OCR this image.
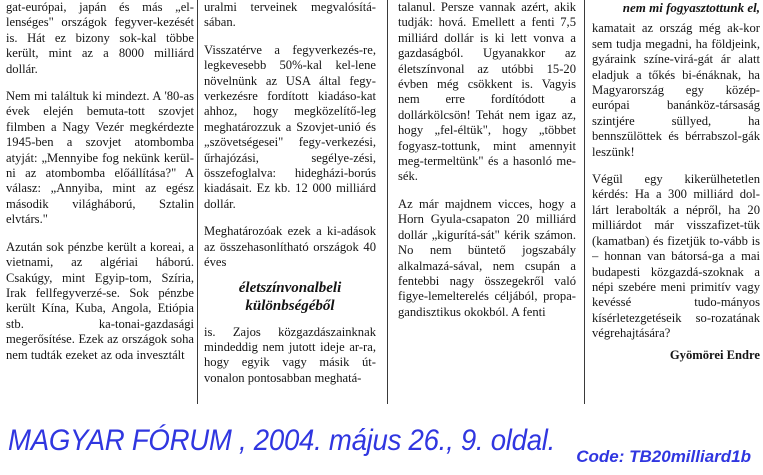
gat-európai, japán és más „el-lenséges" országok fegyver-kezését is. Hát ez bizony sok-kal többe került, mint az a 8000 milliárd dollár.

Nem mi találtuk ki mindezt. A '80-as évek elején bemuta-tott szovjet filmben a Nagy Vezér megkérdezte 1945-ben a szovjet atombomba atyját: „Mennyibe fog nekünk kerül-ni az atombomba előállítása?" A válasz: „Annyiba, mint az egész második világháború, Sztalin elvtárs."

Azután sok pénzbe került a koreai, a vietnami, az algériai háború. Csakúgy, mint Egyip-tom, Szíria, Irak fellfegyverzé-se. Sok pénzbe került Kína, Kuba, Angola, Etiópia stb. ka-tonai-gazdasági megerősítése. Ezek az országok soha nem tudták ezeket az oda invesztált

uralmi terveinek megvalósítá-sában.

Visszatérve a fegyverkezés-re, legkevesebb 50%-kal kel-lene növelnünk az USA által fegy-verkezésre fordított kiadáso-kat ahhoz, hogy megközelítő-leg meghatározzuk a Szovjet-unió és „szövetségesei" fegy-verkezési, űrhajózási, segélye-zési, összefoglalva: hidegházi-borús kiadásait. Ez kb. 12 000 milliárd dollár.

Meghatározóak ezek a ki-adások az összehasonlítható országok 40 éves

életszínvonalbeli különbségéből

is. Zajos közgazdászainknak mindeddig nem jutott ideje ar-ra, hogy egyik vagy másik út-vonalon pontosabban meghatá-

talanul. Persze vannak azért, akik tudják: hová. Emellett a fenti 7,5 milliárd dollár is ki lett vonva a gazdaságból. Ugyanakkor az életszínvonal az utóbbi 15-20 évben még csökkent is. Vagyis nem erre fordítódott a dollárkölcsön! Tehát nem igaz az, hogy „fel-éltük", hogy „többet fogyasz-tottunk, mint amennyit meg-termeltünk" és a hasonló me-sék.

Az már majdnem vicces, hogy a Horn Gyula-csapaton 20 milliárd dollár „kigurítá-sát" kérik számon. No nem büntető jogszabály alkalmazá-sával, nem csupán a fentebbi nagy összegekről való figye-lemelterelés céljából, propa-gandisztikus okokból. A fenti

nem mi fogyasztottunk el,

kamatait az ország még ak-kor sem tudja megadni, ha földjeink, gyáraink színe-virá-gát ár alatt eladjuk a tőkés bi-énáknak, ha Magyarország egy közép-európai banánköz-társaság szintjére süllyed, ha bennszülöttek és bérrabszol-gák leszünk!

Végül egy kikerülhetetlen kérdés: Ha a 300 milliárd dol-lárt lerabolták a népről, ha 20 milliárdot már visszafizet-tük (kamatban) és fizetjük to-vább is – honnan van bátorsá-ga a mai budapesti közgazdá-szoknak a népi szebére meni primitív vagy kevéssé tudo-mányos kísérletezgetéseik so-rozatának végrehajtására?

Gyömörei Endre
MAGYAR FÓRUM , 2004. május 26., 9. oldal. Code: TB20milliard1b
